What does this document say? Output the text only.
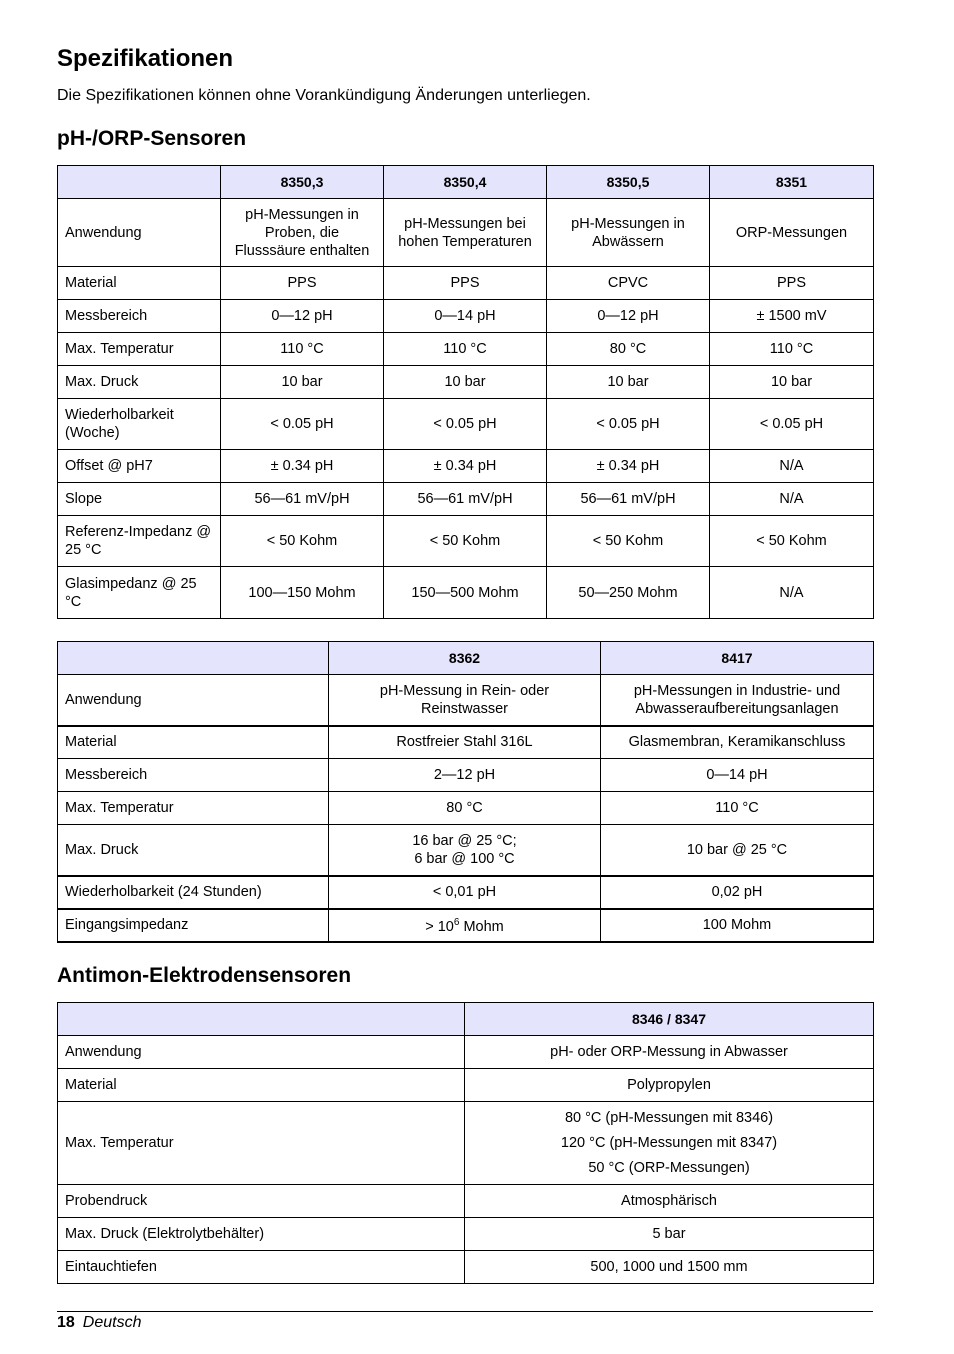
Spezifikationen

Die Spezifikationen können ohne Vorankündigung Änderungen unterliegen.

pH-/ORP-Sensoren
	8350,3	8350,4	8350,5	8351
Anwendung	pH-Messungen in Proben, die Flusssäure enthalten	pH-Messungen bei hohen Temperaturen	pH-Messungen in Abwässern	ORP-Messungen
Material	PPS	PPS	CPVC	PPS
Messbereich	0—12 pH	0—14 pH	0—12 pH	± 1500 mV
Max. Temperatur	110 °C	110 °C	80 °C	110 °C
Max. Druck	10 bar	10 bar	10 bar	10 bar
Wiederholbarkeit (Woche)	< 0.05 pH	< 0.05 pH	< 0.05 pH	< 0.05 pH
Offset @ pH7	± 0.34 pH	± 0.34 pH	± 0.34 pH	N/A
Slope	56—61 mV/pH	56—61 mV/pH	56—61 mV/pH	N/A
Referenz-Impedanz @ 25 °C	< 50 Kohm	< 50 Kohm	< 50 Kohm	< 50 Kohm
Glasimpedanz @ 25 °C	100—150 Mohm	150—500 Mohm	50—250 Mohm	N/A
	8362	8417
Anwendung	pH-Messung in Rein- oder Reinstwasser	pH-Messungen in Industrie- und Abwasseraufbereitungsanlagen
Material	Rostfreier Stahl 316L	Glasmembran, Keramikanschluss
Messbereich	2—12 pH	0—14 pH
Max. Temperatur	80 °C	110 °C
Max. Druck	16 bar @ 25 °C;
6 bar @ 100 °C	10 bar @ 25 °C
Wiederholbarkeit (24 Stunden)	< 0,01 pH	0,02 pH
Eingangsimpedanz	> $10^6$ Mohm	100 Mohm
Antimon-Elektrodensensoren
	8346 / 8347
Anwendung	pH- oder ORP-Messung in Abwasser
Material	Polypropylen
Max. Temperatur	80 °C (pH-Messungen mit 8346)
120 °C (pH-Messungen mit 8347)
50 °C (ORP-Messungen)

Probendruck	Atmosphärisch
Max. Druck (Elektrolytbehälter)	5 bar
Eintauchtiefen	500, 1000 und 1500 mm
18 Deutsch
